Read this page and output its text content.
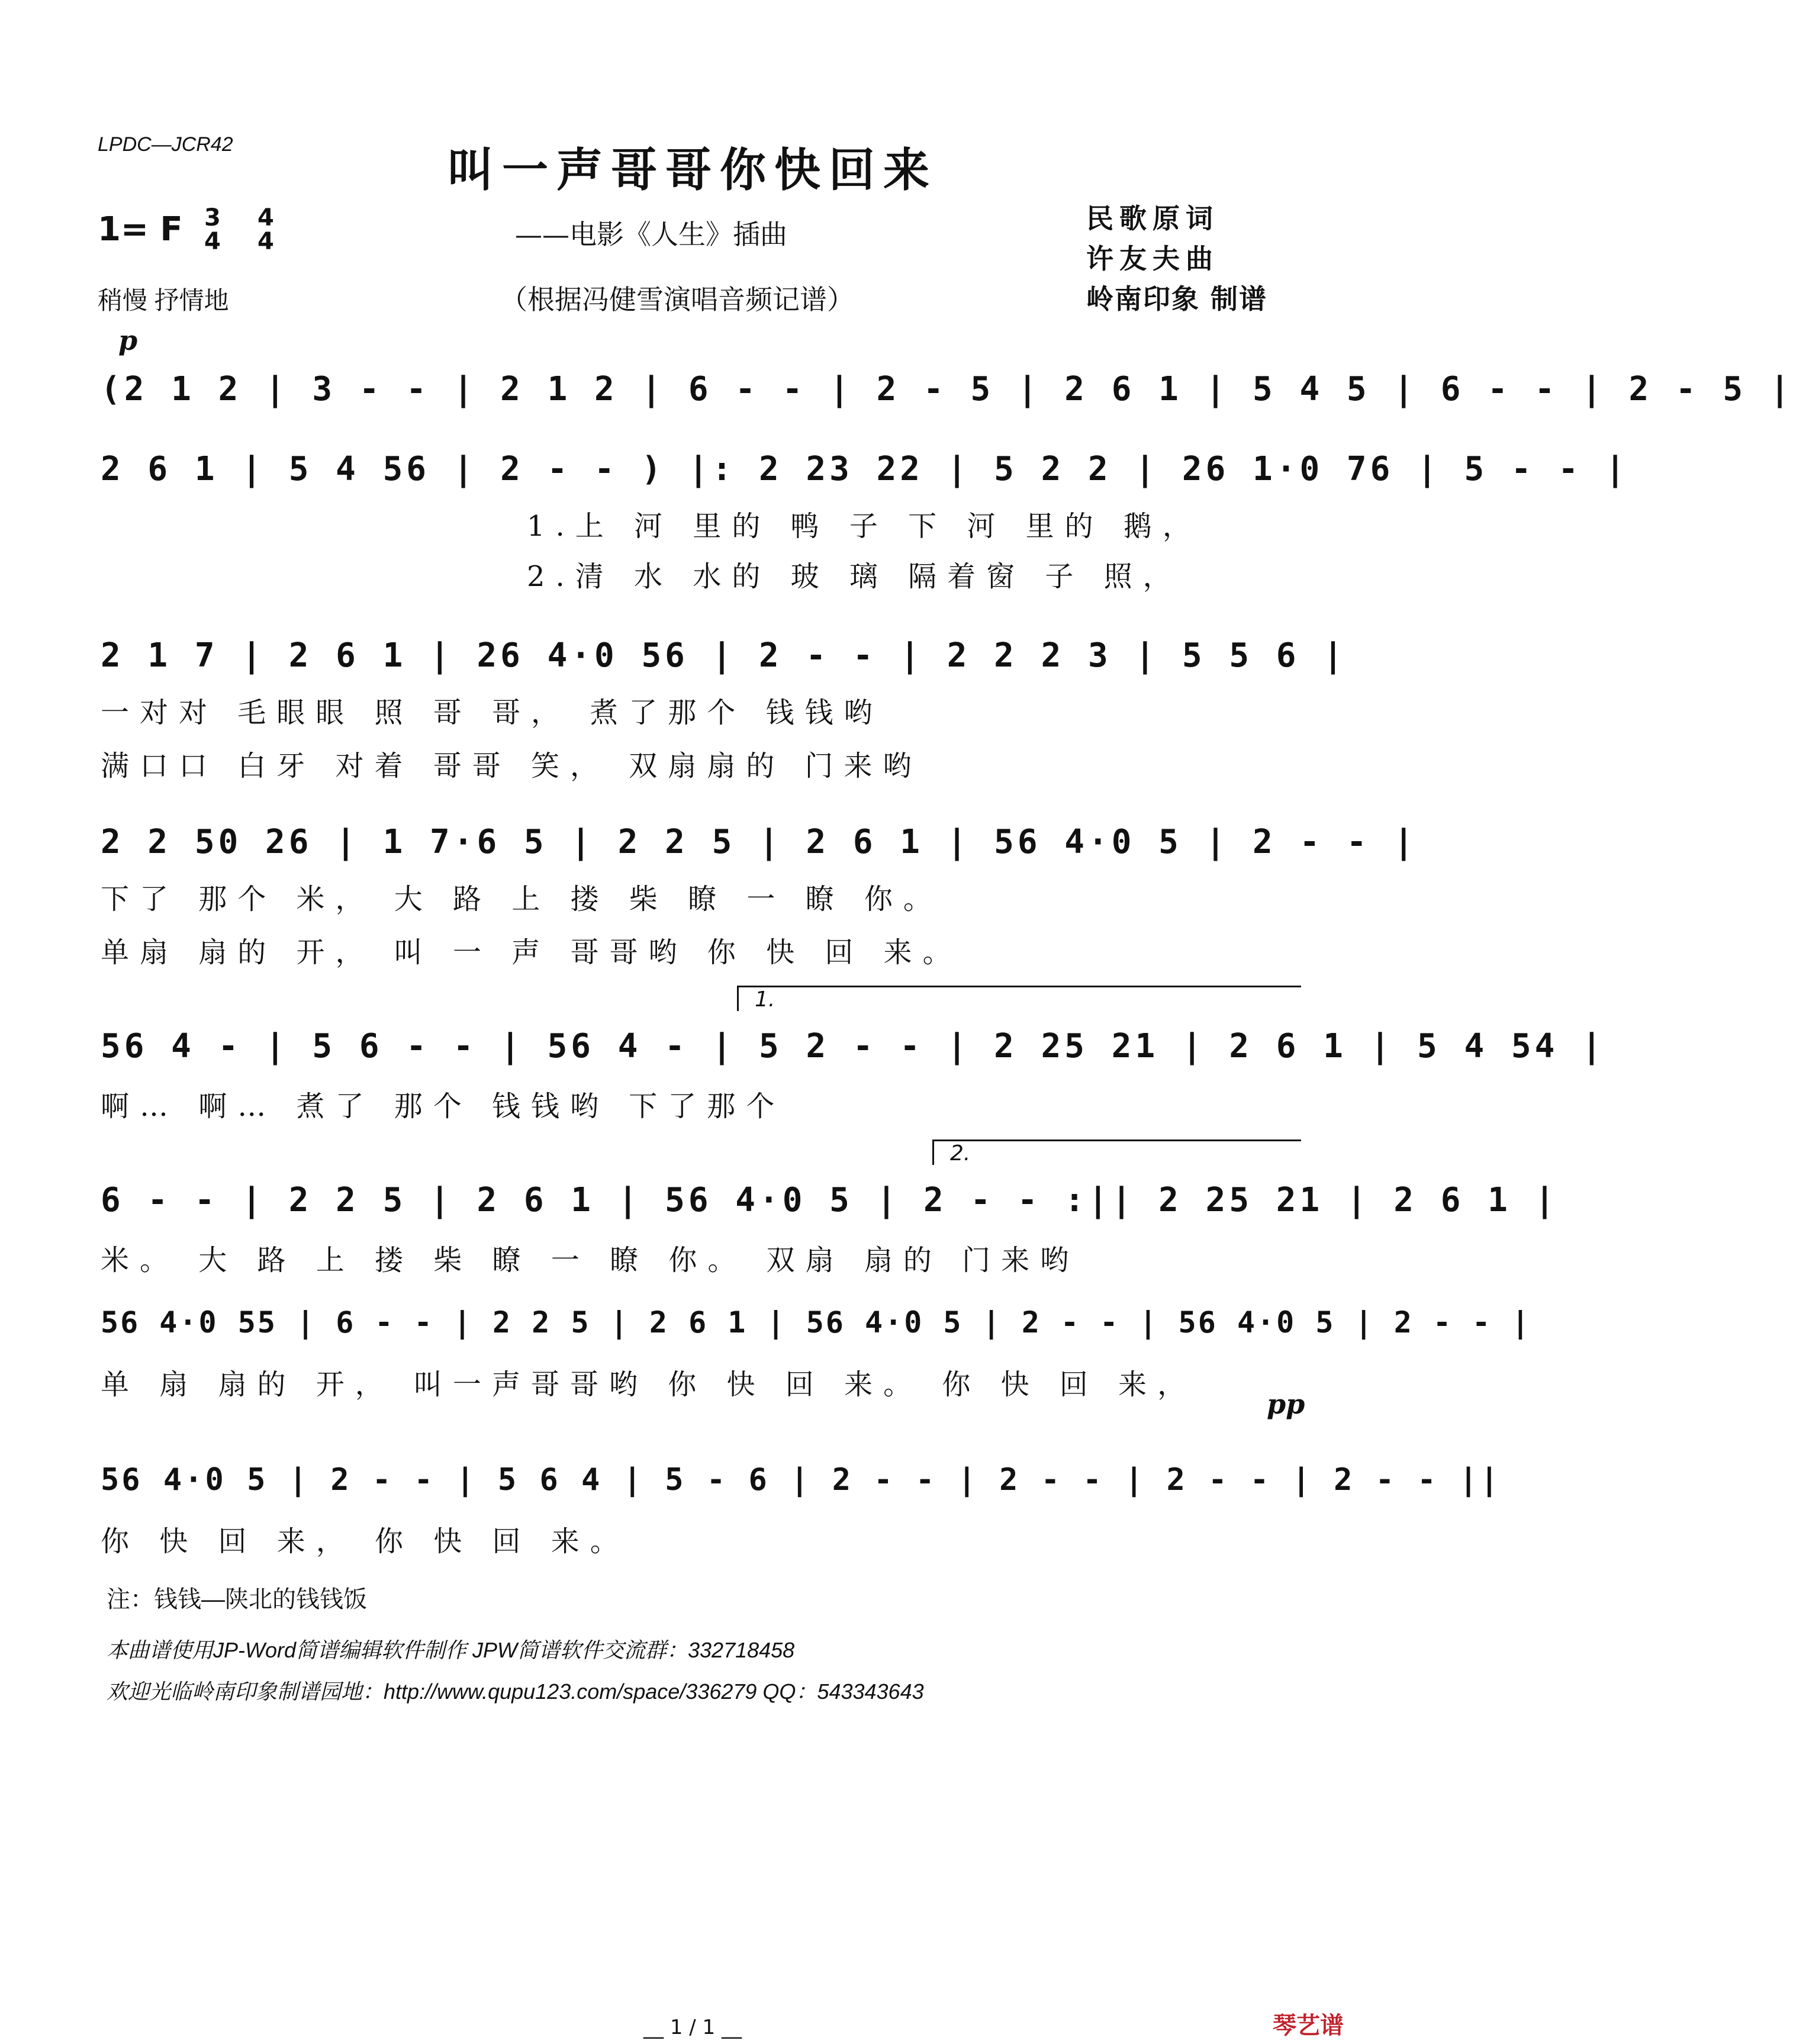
LPDC—JCR42	叫一声哥哥你快回来
——电影《人生》插曲
（根据冯健雪演唱音频记谱）
民歌原词
许友夫曲
岭南印象 制谱
1= F 3
4
4
4
稍慢 抒情地
p
pp
(2 1 2 | 3 - - | 2 1 2 | 6 - - | 2 - 5 | 2 6 1 | 5 4 5 | 6 - - | 2 - 5 |
2 6 1 | 5 4 56 | 2 - - ) |: 2 23 22 | 5 2 2 | 26 1·0 76 | 5 - - |
1.上 河 里的 鸭 子 下 河 里的 鹅，
2.清 水 水的 玻 璃 隔着窗 子 照，
2 1 7 | 2 6 1 | 26 4·0 56 | 2 - - | 2 2 2 3 | 5 5 6 |
一对对 毛眼眼 照 哥 哥， 煮了那个 钱钱哟
满口口 白牙 对着 哥哥 笑， 双扇扇的 门来哟
2 2 50 26 | 1 7·6 5 | 2 2 5 | 2 6 1 | 56 4·0 5 | 2 - - |
下了 那个 米， 大 路 上 搂 柴 瞭 一 瞭 你。
单扇 扇的 开， 叫 一 声 哥哥哟 你 快 回 来。
1.
56 4 - | 5 6 - - | 56 4 - | 5 2 - - | 2 25 21 | 2 6 1 | 5 4 54 |
啊… 啊… 煮了 那个 钱钱哟 下了那个
2.
6 - - | 2 2 5 | 2 6 1 | 56 4·0 5 | 2 - - :|| 2 25 21 | 2 6 1 |
米。 大 路 上 搂 柴 瞭 一 瞭 你。 双扇 扇的 门来哟
56 4·0 55 | 6 - - | 2 2 5 | 2 6 1 | 56 4·0 5 | 2 - - | 56 4·0 5 | 2 - - |
单 扇 扇的 开， 叫一声哥哥哟 你 快 回 来。 你 快 回 来，
56 4·0 5 | 2 - - | 5 6 4 | 5 - 6 | 2 - - | 2 - - | 2 - - | 2 - - ||
你 快 回 来， 你 快 回 来。
注：钱钱—陕北的钱钱饭
本曲谱使用JP-Word简谱编辑软件制作 JPW简谱软件交流群：332718458
欢迎光临岭南印象制谱园地：http://www.qupu123.com/space/336279 QQ：543343643
__ 1 / 1 __	琴艺谱
